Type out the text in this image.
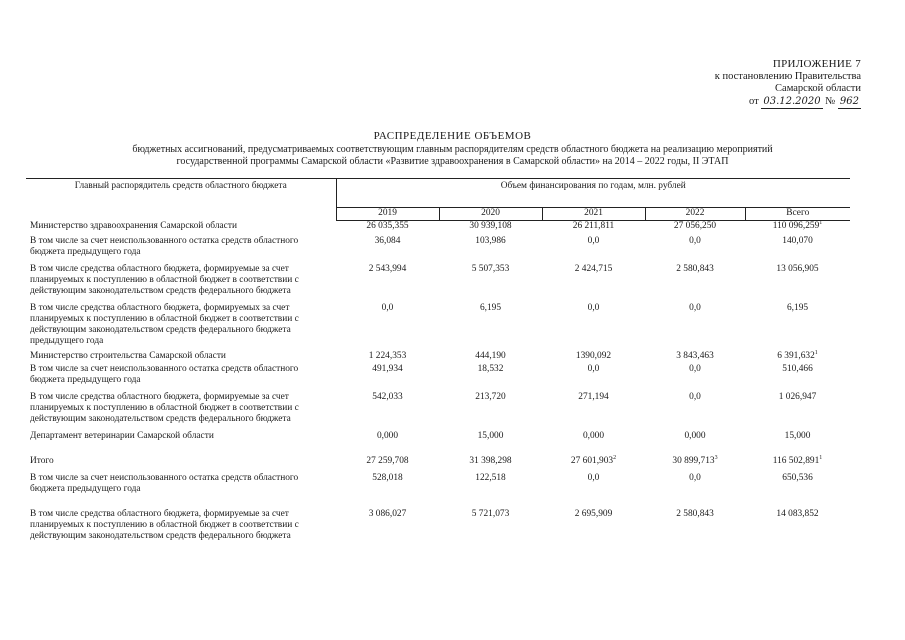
ПРИЛОЖЕНИЕ 7
к постановлению Правительства
Самарской области
от 03.12.2020 № 962
РАСПРЕДЕЛЕНИЕ ОБЪЕМОВ
бюджетных ассигнований, предусматриваемых соответствующим главным распорядителям средств областного бюджета на реализацию мероприятий
государственной программы Самарской области «Развитие здравоохранения в Самарской области» на 2014 – 2022 годы, II ЭТАП
Главный распорядитель средств областного бюджета	Объем финансирования по годам, млн. рублей				
	2019	2020	2021	2022	Всего
Министерство здравоохранения Самарской области	26 035,355	30 939,108	26 211,811	27 056,250	110 096,259$^1$
В том числе за счет неиспользованного остатка средств областного бюджета предыдущего года	36,084	103,986	0,0	0,0	140,070
В том числе средства областного бюджета, формируемые за счет планируемых к поступлению в областной бюджет в соответствии с действующим законодательством средств федерального бюджета	2 543,994	5 507,353	2 424,715	2 580,843	13 056,905
В том числе средства областного бюджета, формируемых за счет планируемых к поступлению в областной бюджет в соответствии с действующим законодательством средств федерального бюджета предыдущего года	0,0	6,195	0,0	0,0	6,195
Министерство строительства Самарской области	1 224,353	444,190	1390,092	3 843,463	6 391,632$^1$
В том числе за счет неиспользованного остатка средств областного бюджета предыдущего года	491,934	18,532	0,0	0,0	510,466
В том числе средства областного бюджета, формируемые за счет планируемых к поступлению в областной бюджет в соответствии с действующим законодательством средств федерального бюджета	542,033	213,720	271,194	0,0	1 026,947
Департамент ветеринарии Самарской области	0,000	15,000	0,000	0,000	15,000
Итого	27 259,708	31 398,298	27 601,903$^2$	30 899,713$^3$	116 502,891$^1$
В том числе за счет неиспользованного остатка средств областного бюджета предыдущего года	528,018	122,518	0,0	0,0	650,536
В том числе средства областного бюджета, формируемые за счет планируемых к поступлению в областной бюджет в соответствии с действующим законодательством средств федерального бюджета	3 086,027	5 721,073	2 695,909	2 580,843	14 083,852
